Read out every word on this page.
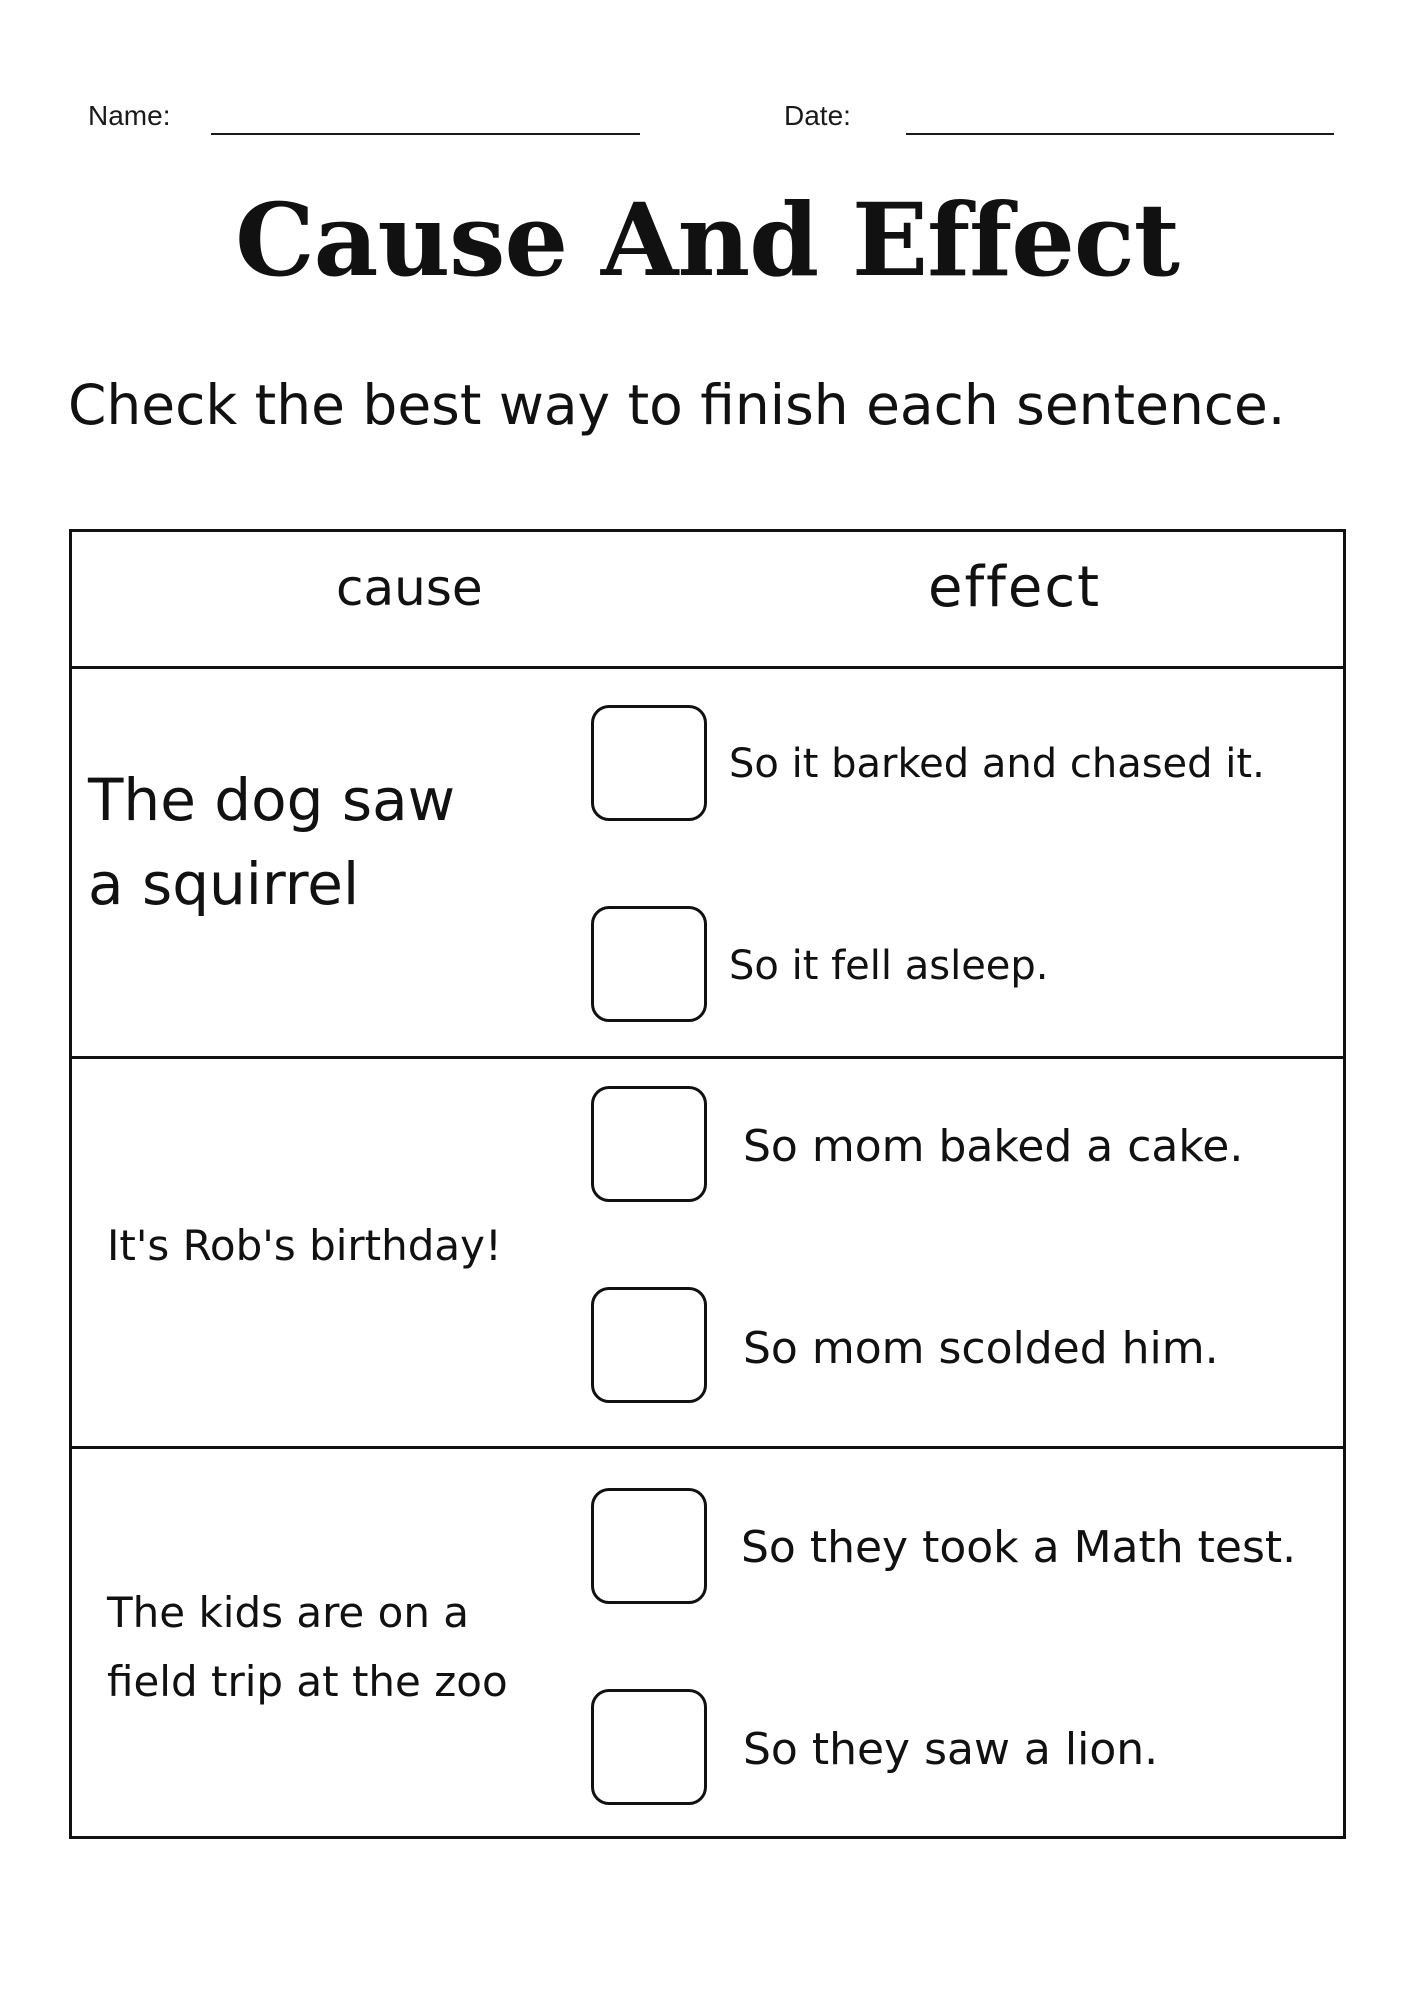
Name:	Date:
Cause And Effect
Check the best way to finish each sentence.
cause	effect
The dog saw a squirrel
So it barked and chased it.
So it fell asleep.
It's Rob's birthday!
So mom baked a cake.
So mom scolded him.
The kids are on a field trip at the zoo
So they took a Math test.
So they saw a lion.
